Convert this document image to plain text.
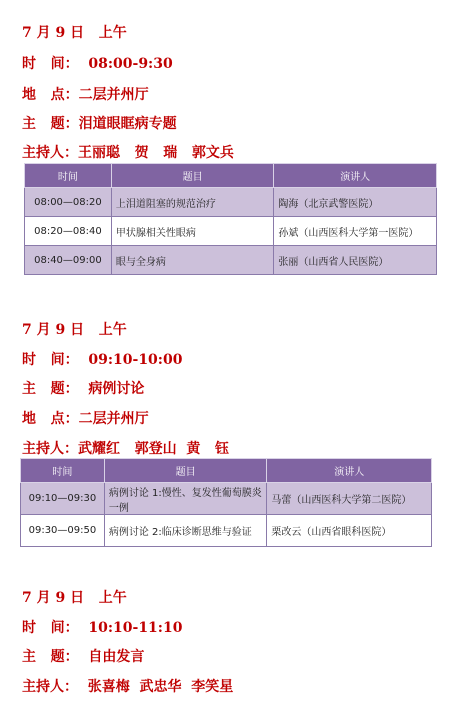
7 月 9 日   上午
时   间：  08:00-9:30
地   点：二层并州厅
主   题：泪道眼眶病专题
主持人：王丽聪   贺   瑞   郭文兵
时间	题目	演讲人
08:00—08:20	上泪道阻塞的规范治疗	陶海（北京武警医院）
08:20—08:40	甲状腺相关性眼病	孙斌（山西医科大学第一医院）
08:40—09:00	眼与全身病	张丽（山西省人民医院）
7 月 9 日   上午
时   间：  09:10-10:00
主   题：  病例讨论
地   点：二层并州厅
主持人：武耀红   郭登山  黄   钰
时间	题目	演讲人
09:10—09:30	病例讨论 1:慢性、复发性葡萄膜炎一例	马蕾（山西医科大学第二医院）
09:30—09:50	病例讨论 2:临床诊断思维与验证	栗改云（山西省眼科医院）
7 月 9 日   上午
时   间：  10:10-11:10
主   题：  自由发言
主持人：  张喜梅  武忠华  李笑星
